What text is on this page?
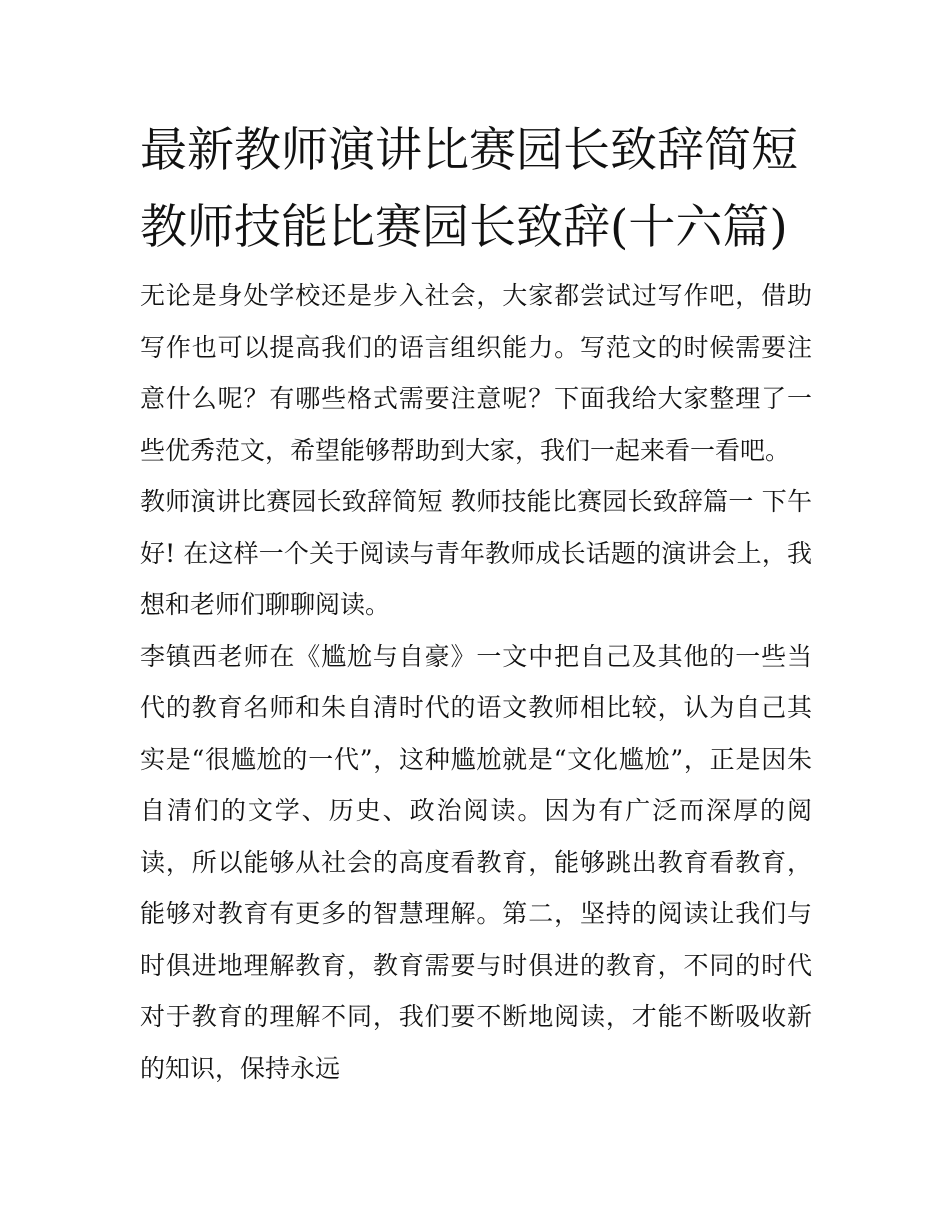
最新教师演讲比赛园长致辞简短 教师技能比赛园长致辞(十六篇)

无论是身处学校还是步入社会，大家都尝试过写作吧，借助写作也可以提高我们的语言组织能力。写范文的时候需要注意什么呢？有哪些格式需要注意呢？下面我给大家整理了一些优秀范文，希望能够帮助到大家，我们一起来看一看吧。

教师演讲比赛园长致辞简短 教师技能比赛园长致辞篇一 下午好! 在这样一个关于阅读与青年教师成长话题的演讲会上，我想和老师们聊聊阅读。

李镇西老师在《尴尬与自豪》一文中把自己及其他的一些当代的教育名师和朱自清时代的语文教师相比较，认为自己其实是“很尴尬的一代”，这种尴尬就是“文化尴尬”，正是因朱自清们的文学、历史、政治阅读。因为有广泛而深厚的阅读，所以能够从社会的高度看教育，能够跳出教育看教育，能够对教育有更多的智慧理解。第二，坚持的阅读让我们与时俱进地理解教育，教育需要与时俱进的教育，不同的时代对于教育的理解不同，我们要不断地阅读，才能不断吸收新的知识，保持永远
